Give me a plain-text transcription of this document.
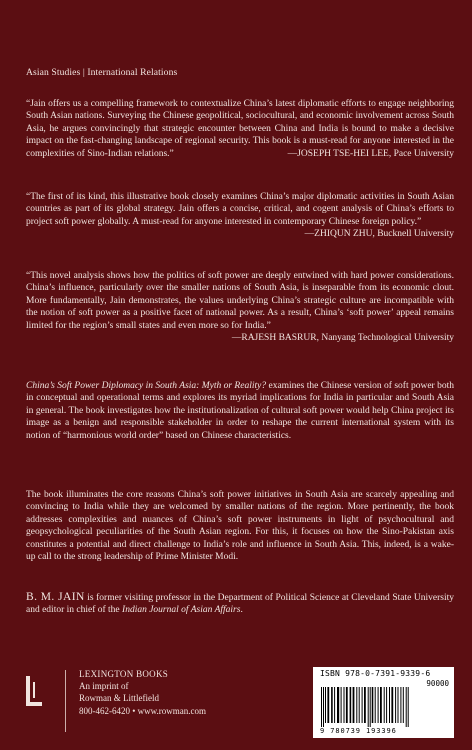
Asian Studies | International Relations

“Jain offers us a compelling framework to contextualize China’s latest diplomatic efforts to engage neighboring South Asian nations. Surveying the Chinese geopolitical, sociocultural, and economic involvement across South Asia, he argues convincingly that strategic encounter between China and India is bound to make a decisive impact on the fast-changing landscape of regional security. This book is a must-read for anyone interested in the complexities of Sino-Indian relations.”	—JOSEPH TSE-HEI LEE, Pace University

“The first of its kind, this illustrative book closely examines China’s major diplomatic activities in South Asian countries as part of its global strategy. Jain offers a concise, critical, and cogent analysis of China’s efforts to project soft power globally. A must-read for anyone interested in contemporary Chinese foreign policy.”
—ZHIQUN ZHU, Bucknell University

“This novel analysis shows how the politics of soft power are deeply entwined with hard power considerations. China’s influence, particularly over the smaller nations of South Asia, is inseparable from its economic clout. More fundamentally, Jain demonstrates, the values underlying China’s strategic culture are incompatible with the notion of soft power as a positive facet of national power. As a result, China’s ‘soft power’ appeal remains limited for the region’s small states and even more so for India.”
—RAJESH BASRUR, Nanyang Technological University

China’s Soft Power Diplomacy in South Asia: Myth or Reality? examines the Chinese version of soft power both in conceptual and operational terms and explores its myriad implications for India in particular and South Asia in general. The book investigates how the institutionalization of cultural soft power would help China project its image as a benign and responsible stakeholder in order to reshape the current international system with its notion of “harmonious world order” based on Chinese characteristics.

The book illuminates the core reasons China’s soft power initiatives in South Asia are scarcely appealing and convincing to India while they are welcomed by smaller nations of the region. More pertinently, the book addresses complexities and nuances of China’s soft power instruments in light of psychocultural and geopsychological peculiarities of the South Asian region. For this, it focuses on how the Sino-Pakistan axis constitutes a potential and direct challenge to India’s role and influence in South Asia. This, indeed, is a wake-up call to the strong leadership of Prime Minister Modi.

B. M. JAIN is former visiting professor in the Department of Political Science at Cleveland State University and editor in chief of the Indian Journal of Asian Affairs.

LEXINGTON BOOKS
An imprint of
Rowman & Littlefield
800-462-6420 • www.rowman.com
ISBN 978-0-7391-9339-6
90000
9 780739 193396
